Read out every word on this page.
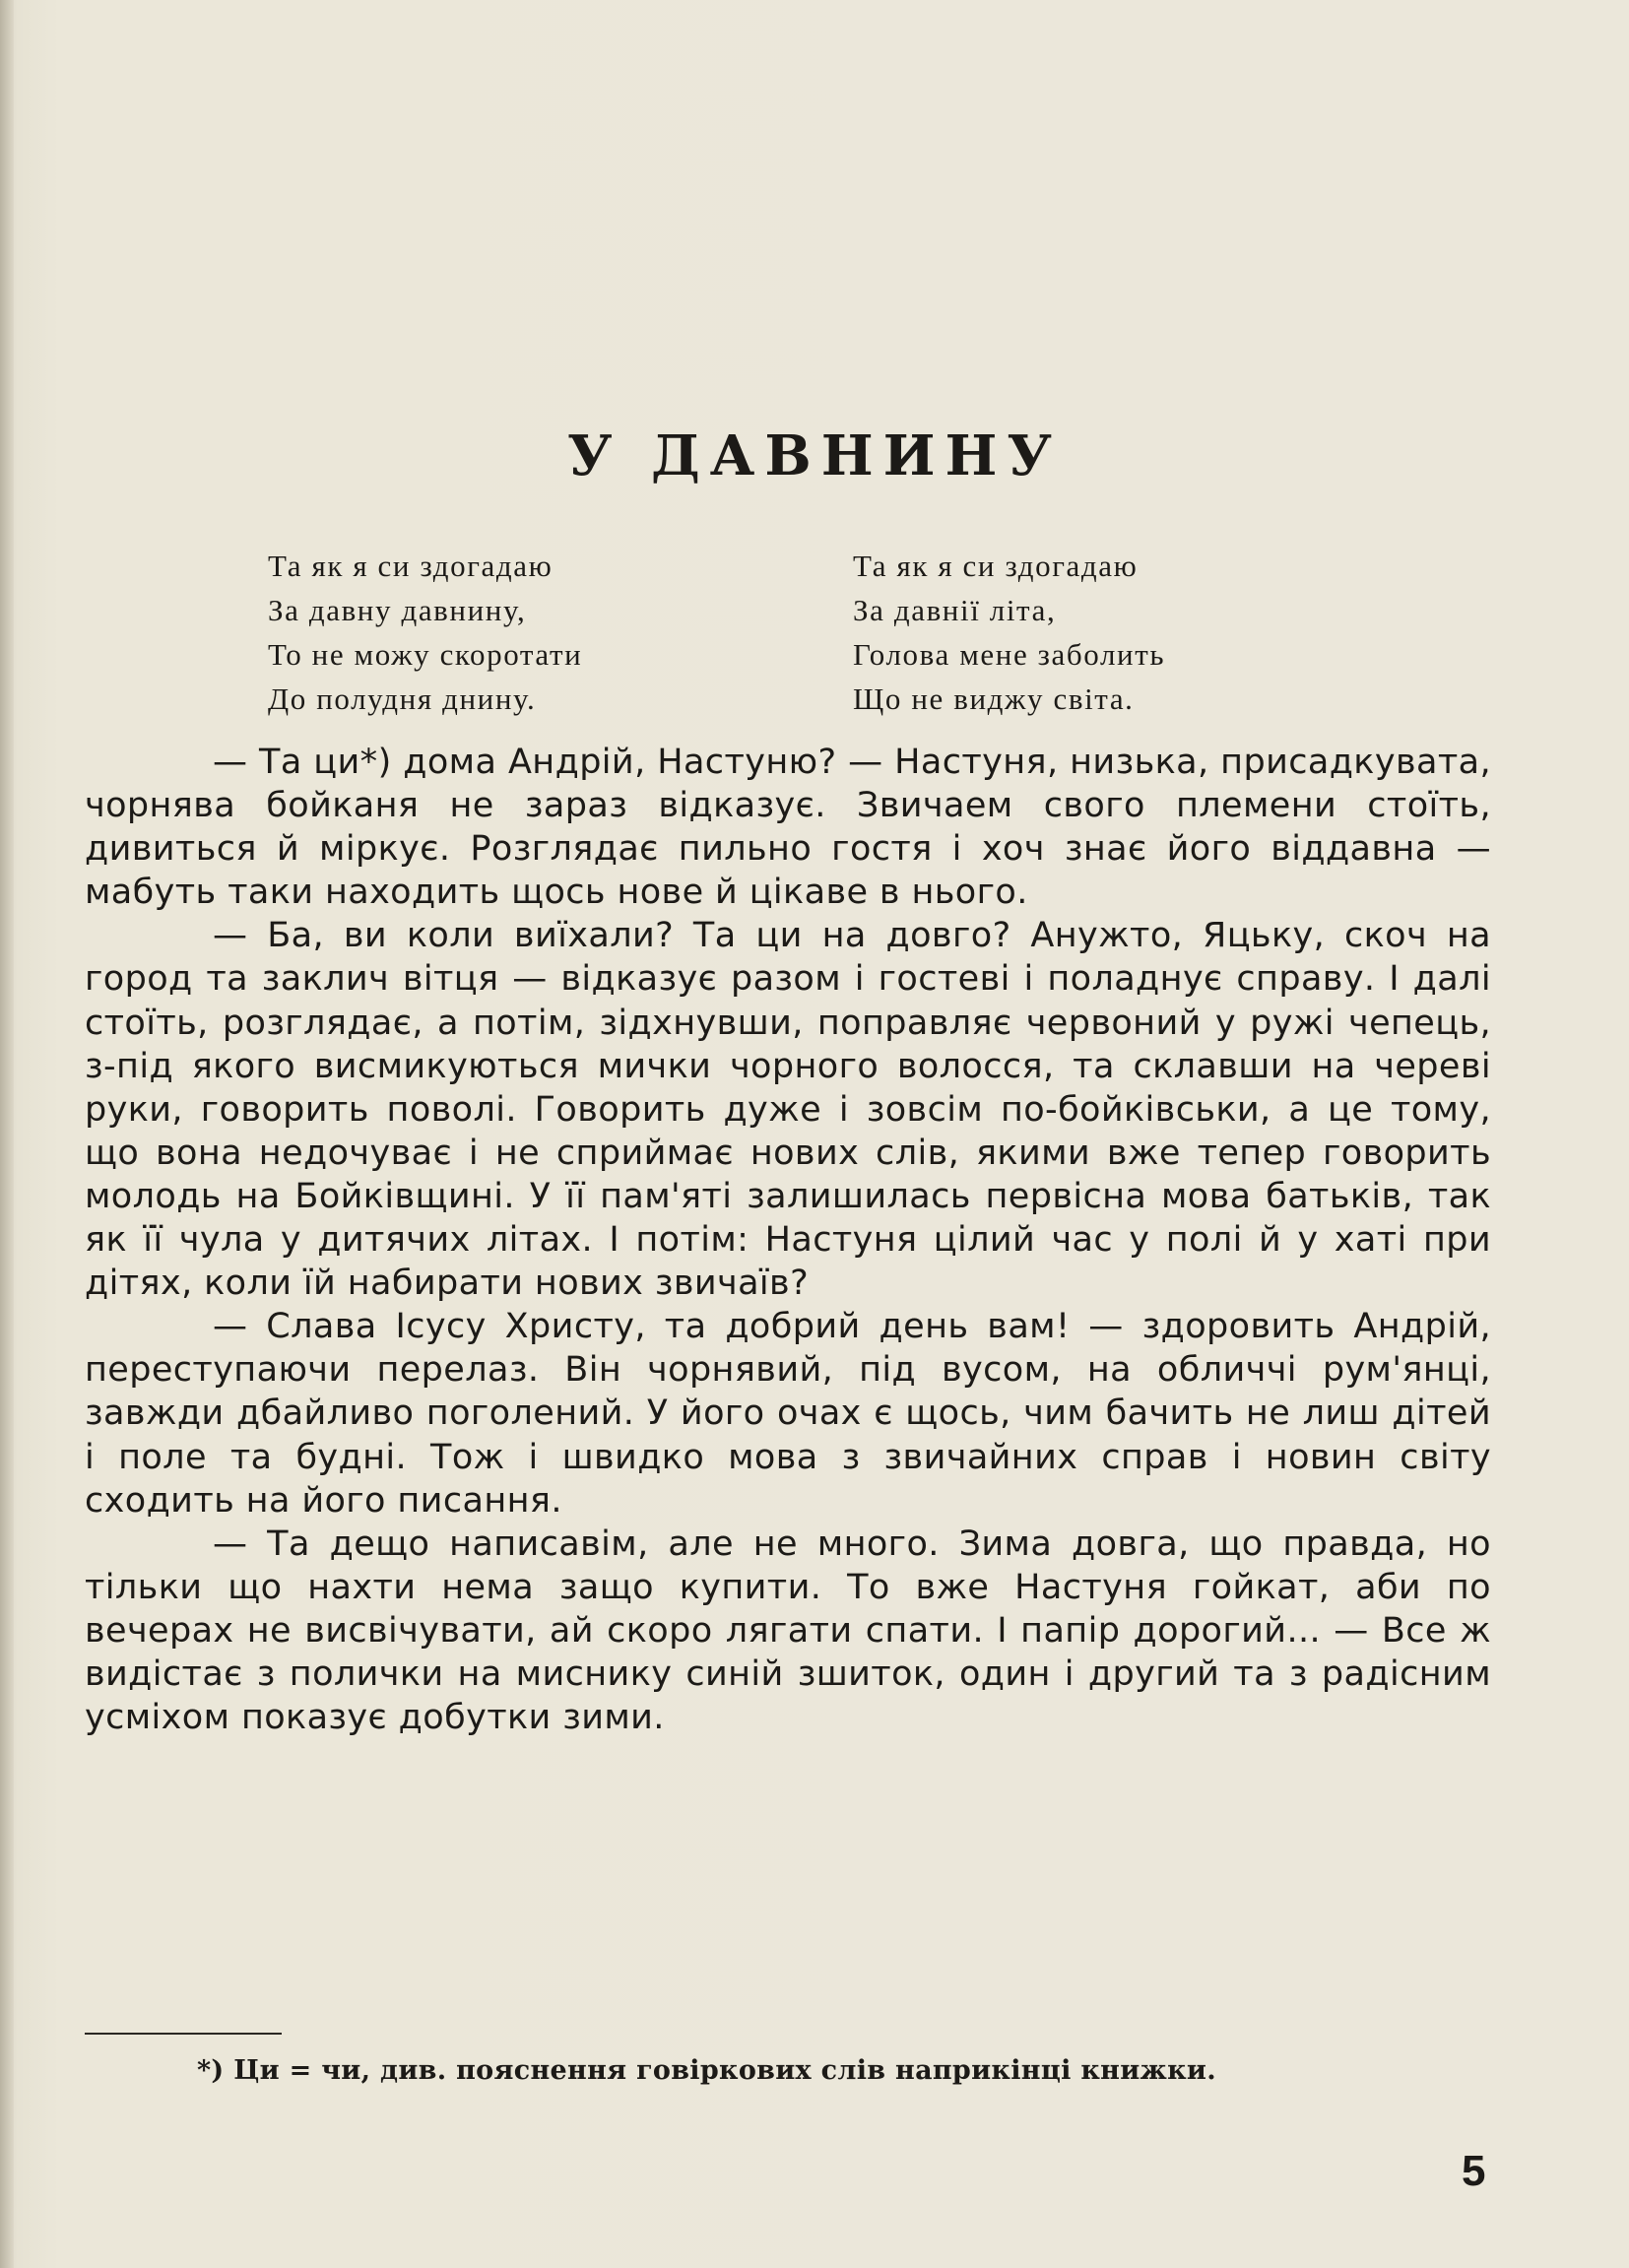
У ДАВНИНУ
Та як я си здогадаю
За давну давнину,
То не можу скоротати
До полудня днину.
Та як я си здогадаю
За давнії літа,
Голова мене заболить
Що не виджу світа.

— Та ци*) дома Андрій, Настуню? — Настуня, низька, присадкувата, чорнява бойканя не зараз відказує. Звичаем свого племени стоїть, дивиться й міркує. Розглядає пильно гостя і хоч знає його віддавна — мабуть таки находить щось нове й цікаве в нього.

— Ба, ви коли виїхали? Та ци на довго? Анужто, Яцьку, скоч на город та заклич вітця — відказує разом і гостеві і поладнує справу. І далі стоїть, розглядає, а потім, зідхнувши, поправляє червоний у ружі чепець, з-під якого висмикуються мички чорного волосся, та склавши на череві руки, говорить поволі. Говорить дуже і зовсім по-бойківськи, а це тому, що вона недочуває і не сприймає нових слів, якими вже тепер говорить молодь на Бойківщині. У її пам'яті залишилась первісна мова батьків, так як її чула у дитячих літах. І потім: Настуня цілий час у полі й у хаті при дітях, коли їй набирати нових звичаїв?

— Слава Ісусу Христу, та добрий день вам! — здоровить Андрій, переступаючи перелаз. Він чорнявий, під вусом, на обличчі рум'янці, завжди дбайливо поголений. У його очах є щось, чим бачить не лиш дітей і поле та будні. Тож і швидко мова з звичайних справ і новин світу сходить на його писання.

— Та дещо написавім, але не много. Зима довга, що правда, но тільки що нахти нема защо купити. То вже Настуня гойкат, аби по вечерах не висвічувати, ай скоро лягати спати. І папір дорогий... — Все ж видістає з полички на миснику синій зшиток, один і другий та з радісним усміхом показує добутки зими.

*) Ци = чи, див. пояснення говіркових слів наприкінці книжки.
5
